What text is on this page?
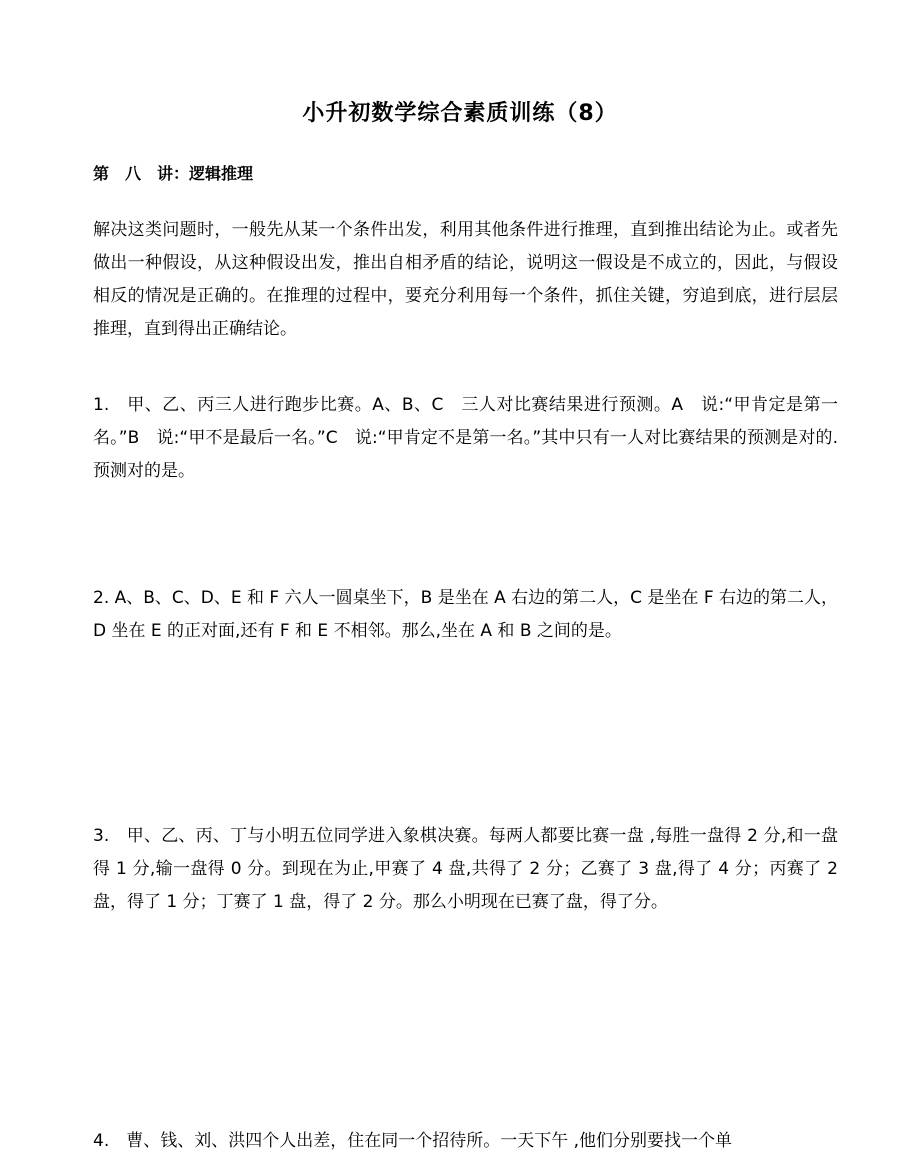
小升初数学综合素质训练（8）
第　八　讲：逻辑推理

解决这类问题时，一般先从某一个条件出发，利用其他条件进行推理，直到推出结论为止。或者先做出一种假设，从这种假设出发，推出自相矛盾的结论，说明这一假设是不成立的，因此，与假设相反的情况是正确的。在推理的过程中，要充分利用每一个条件，抓住关键，穷追到底，进行层层推理，直到得出正确结论。

1.　甲、乙、丙三人进行跑步比赛。A、B、C　三人对比赛结果进行预测。A　说:“甲肯定是第一名。”B　说:“甲不是最后一名。”C　说:“甲肯定不是第一名。”其中只有一人对比赛结果的预测是对的.预测对的是。

2. A、B、C、D、E 和 F 六人一圆桌坐下，B 是坐在 A 右边的第二人，C 是坐在 F 右边的第二人，D 坐在 E 的正对面,还有 F 和 E 不相邻。那么,坐在 A 和 B 之间的是。

3.　甲、乙、丙、丁与小明五位同学进入象棋决赛。每两人都要比赛一盘 ,每胜一盘得 2 分,和一盘得 1 分,输一盘得 0 分。到现在为止,甲赛了 4 盘,共得了 2 分；乙赛了 3 盘,得了 4 分；丙赛了 2 盘，得了 1 分；丁赛了 1 盘，得了 2 分。那么小明现在已赛了盘，得了分。

4.　曹、钱、刘、洪四个人出差，住在同一个招待所。一天下午 ,他们分别要找一个单
